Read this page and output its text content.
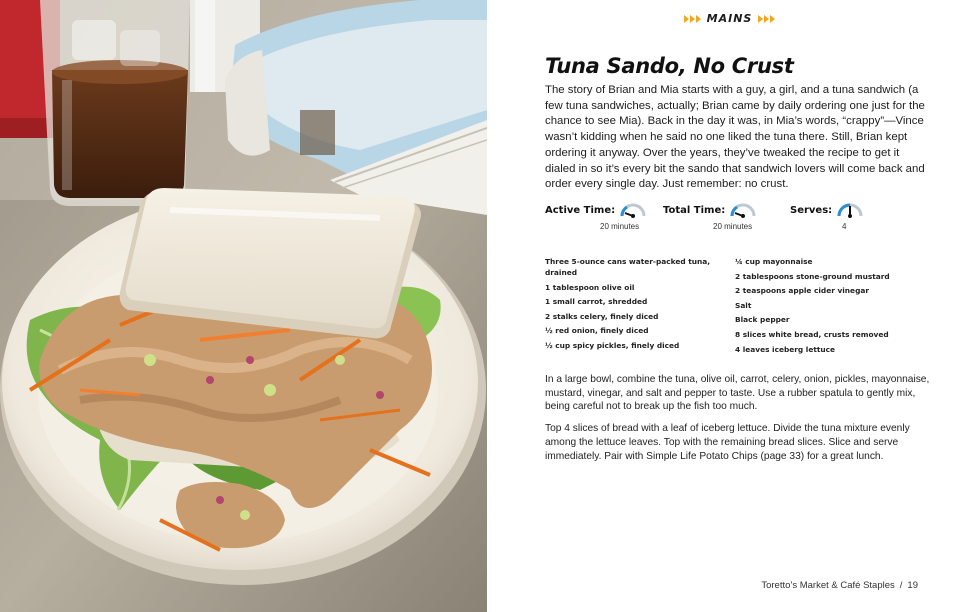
MAINS
Tuna Sando, No Crust

The story of Brian and Mia starts with a guy, a girl, and a tuna sandwich (a few tuna sandwiches, actually; Brian came by daily ordering one just for the chance to see Mia). Back in the day it was, in Mia’s words, “crappy”—Vince wasn’t kidding when he said no one liked the tuna there. Still, Brian kept ordering it anyway. Over the years, they’ve tweaked the recipe to get it dialed in so it’s every bit the sando that sandwich lovers will come back and order every single day. Just remember: no crust.

Active Time:
20 minutes
Total Time:
20 minutes
Serves:
4
Three 5-ounce cans water-packed tuna, drained
1 tablespoon olive oil
1 small carrot, shredded
2 stalks celery, finely diced
½ red onion, finely diced
½ cup spicy pickles, finely diced
¼ cup mayonnaise
2 tablespoons stone-ground mustard
2 teaspoons apple cider vinegar
Salt
Black pepper
8 slices white bread, crusts removed
4 leaves iceberg lettuce

In a large bowl, combine the tuna, olive oil, carrot, celery, onion, pickles, mayonnaise, mustard, vinegar, and salt and pepper to taste. Use a rubber spatula to gently mix, being careful not to break up the fish too much.

Top 4 slices of bread with a leaf of iceberg lettuce. Divide the tuna mixture evenly among the lettuce leaves. Top with the remaining bread slices. Slice and serve immediately. Pair with Simple Life Potato Chips (page 33) for a great lunch.

Toretto’s Market & Café Staples / 19
